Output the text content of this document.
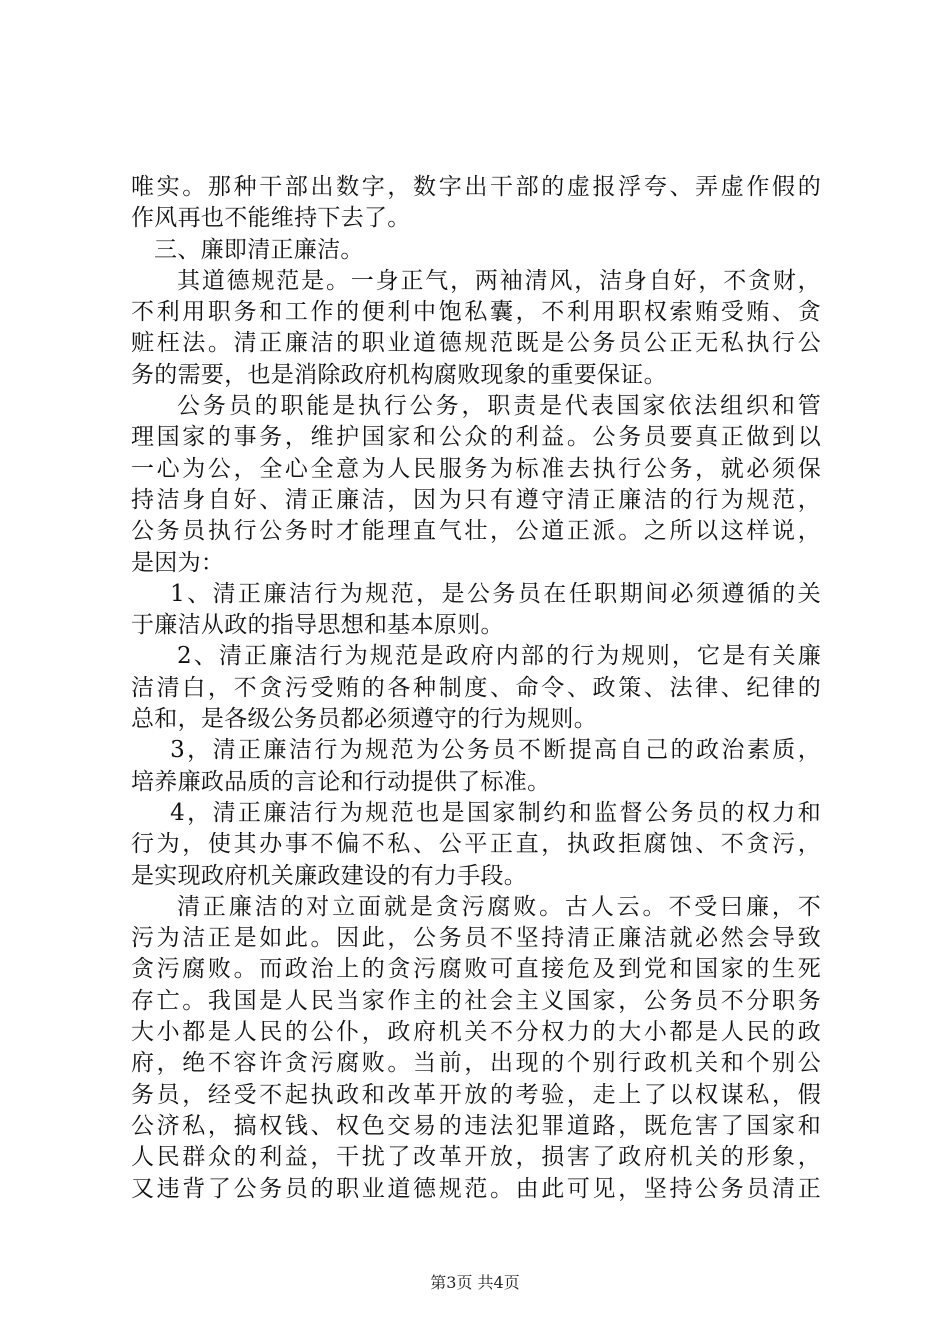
唯实。那种干部出数字，数字出干部的虚报浮夸、弄虚作假的
作风再也不能维持下去了。
三、廉即清正廉洁。
其道德规范是。一身正气，两袖清风，洁身自好，不贪财，
不利用职务和工作的便利中饱私囊，不利用职权索贿受贿、贪
赃枉法。清正廉洁的职业道德规范既是公务员公正无私执行公
务的需要，也是消除政府机构腐败现象的重要保证。
公务员的职能是执行公务，职责是代表国家依法组织和管
理国家的事务，维护国家和公众的利益。公务员要真正做到以
一心为公，全心全意为人民服务为标准去执行公务，就必须保
持洁身自好、清正廉洁，因为只有遵守清正廉洁的行为规范，
公务员执行公务时才能理直气壮，公道正派。之所以这样说，
是因为：
1、清正廉洁行为规范，是公务员在任职期间必须遵循的关
于廉洁从政的指导思想和基本原则。
2、清正廉洁行为规范是政府内部的行为规则，它是有关廉
洁清白，不贪污受贿的各种制度、命令、政策、法律、纪律的
总和，是各级公务员都必须遵守的行为规则。
3，清正廉洁行为规范为公务员不断提高自己的政治素质，
培养廉政品质的言论和行动提供了标准。
4，清正廉洁行为规范也是国家制约和监督公务员的权力和
行为，使其办事不偏不私、公平正直，执政拒腐蚀、不贪污，
是实现政府机关廉政建设的有力手段。
清正廉洁的对立面就是贪污腐败。古人云。不受曰廉，不
污为洁正是如此。因此，公务员不坚持清正廉洁就必然会导致
贪污腐败。而政治上的贪污腐败可直接危及到党和国家的生死
存亡。我国是人民当家作主的社会主义国家，公务员不分职务
大小都是人民的公仆，政府机关不分权力的大小都是人民的政
府，绝不容许贪污腐败。当前，出现的个别行政机关和个别公
务员，经受不起执政和改革开放的考验，走上了以权谋私，假
公济私，搞权钱、权色交易的违法犯罪道路，既危害了国家和
人民群众的利益，干扰了改革开放，损害了政府机关的形象，
又违背了公务员的职业道德规范。由此可见，坚持公务员清正
第3页 共4页
